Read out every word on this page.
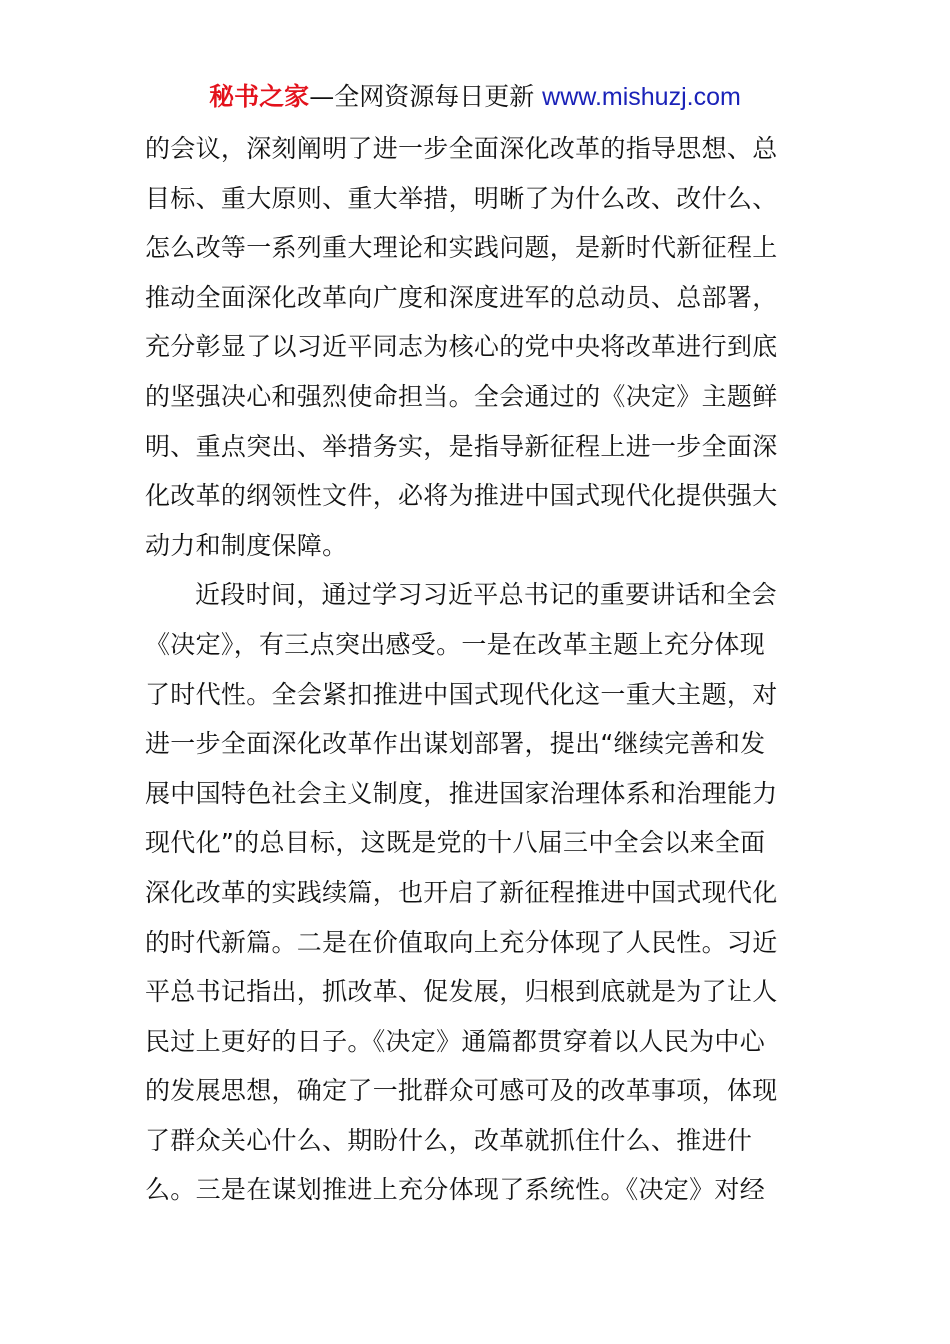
秘书之家—全网资源每日更新 www.mishuzj.com
的会议，深刻阐明了进一步全面深化改革的指导思想、总
目标、重大原则、重大举措，明晰了为什么改、改什么、
怎么改等一系列重大理论和实践问题，是新时代新征程上
推动全面深化改革向广度和深度进军的总动员、总部署，
充分彰显了以习近平同志为核心的党中央将改革进行到底
的坚强决心和强烈使命担当。全会通过的《决定》主题鲜
明、重点突出、举措务实，是指导新征程上进一步全面深
化改革的纲领性文件，必将为推进中国式现代化提供强大
动力和制度保障。
近段时间，通过学习习近平总书记的重要讲话和全会
《决定》，有三点突出感受。一是在改革主题上充分体现
了时代性。全会紧扣推进中国式现代化这一重大主题，对
进一步全面深化改革作出谋划部署，提出“继续完善和发
展中国特色社会主义制度，推进国家治理体系和治理能力
现代化”的总目标，这既是党的十八届三中全会以来全面
深化改革的实践续篇，也开启了新征程推进中国式现代化
的时代新篇。二是在价值取向上充分体现了人民性。习近
平总书记指出，抓改革、促发展，归根到底就是为了让人
民过上更好的日子。《决定》通篇都贯穿着以人民为中心
的发展思想，确定了一批群众可感可及的改革事项，体现
了群众关心什么、期盼什么，改革就抓住什么、推进什
么。三是在谋划推进上充分体现了系统性。《决定》对经
